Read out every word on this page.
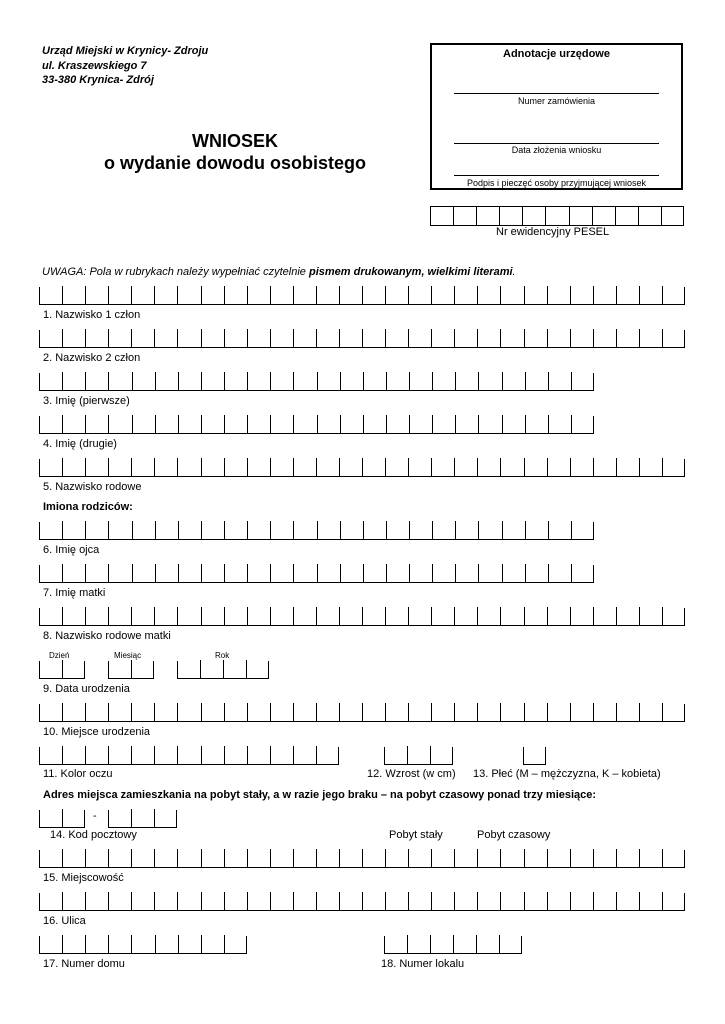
Urząd Miejski w Krynicy- Zdroju
ul. Kraszewskiego 7
33-380 Krynica- Zdrój
WNIOSEK
o wydanie dowodu osobistego
Adnotacje urzędowe
Numer zamówienia
Data złożenia wniosku
Podpis i pieczęć osoby przyjmującej wniosek
Nr ewidencyjny PESEL
UWAGA: Pola w rubrykach należy wypełniać czytelnie pismem drukowanym, wielkimi literami.
1. Nazwisko 1 człon
2. Nazwisko 2 człon
3. Imię (pierwsze)
4. Imię (drugie)
5. Nazwisko rodowe
Imiona rodziców:
6. Imię ojca
7. Imię matki
8. Nazwisko rodowe matki
Dzień	Miesiąc	Rok
9. Data urodzenia
10. Miejsce urodzenia
11. Kolor oczu	12. Wzrost (w cm) 13. Płeć (M – mężczyzna, K – kobieta)
Adres miejsca zamieszkania na pobyt stały, a w razie jego braku – na pobyt czasowy ponad trzy miesiące:
-
14. Kod pocztowy	Pobyt stały	Pobyt czasowy
15. Miejscowość
16. Ulica
17. Numer domu	18. Numer lokalu
